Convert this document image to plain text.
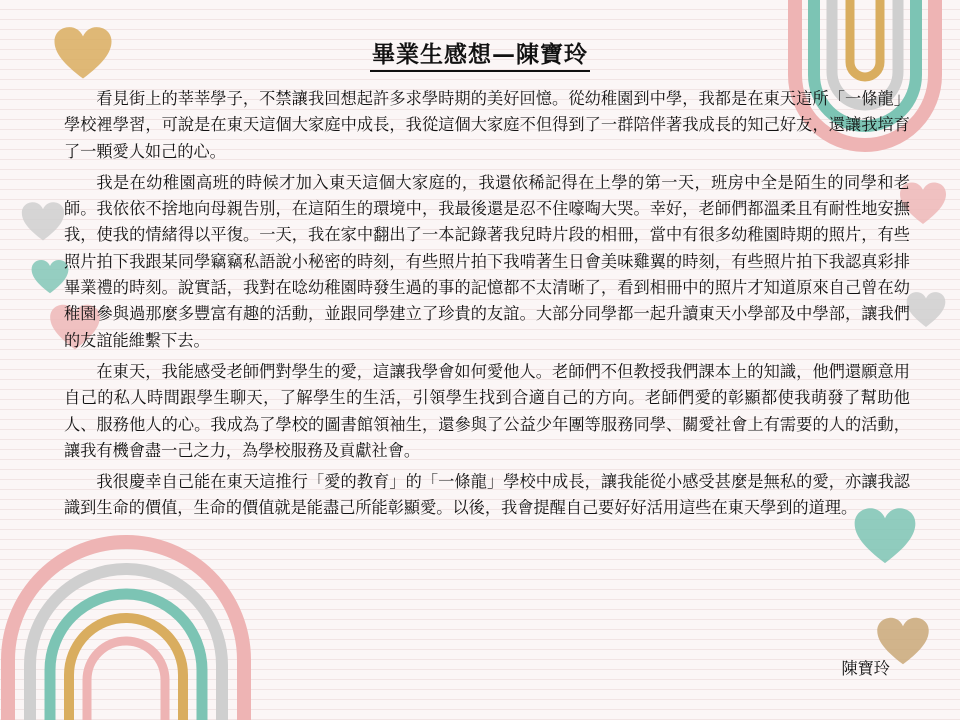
畢業生感想—陳寶玲

看見街上的莘莘學子，不禁讓我回想起許多求學時期的美好回憶。從幼稚園到中學，我都是在東天這所「一條龍」學校裡學習，可說是在東天這個大家庭中成長，我從這個大家庭不但得到了一群陪伴著我成長的知己好友，還讓我培育了一顆愛人如己的心。

我是在幼稚園高班的時候才加入東天這個大家庭的，我還依稀記得在上學的第一天，班房中全是陌生的同學和老師。我依依不捨地向母親告別，在這陌生的環境中，我最後還是忍不住嚎啕大哭。幸好，老師們都溫柔且有耐性地安撫我，使我的情緒得以平復。一天，我在家中翻出了一本記錄著我兒時片段的相冊，當中有很多幼稚園時期的照片，有些照片拍下我跟某同學竊竊私語說小秘密的時刻，有些照片拍下我啃著生日會美味雞翼的時刻，有些照片拍下我認真彩排畢業禮的時刻。說實話，我對在唸幼稚園時發生過的事的記憶都不太清晰了，看到相冊中的照片才知道原來自己曾在幼稚園參與過那麼多豐富有趣的活動，並跟同學建立了珍貴的友誼。大部分同學都一起升讀東天小學部及中學部，讓我們的友誼能維繫下去。

在東天，我能感受老師們對學生的愛，這讓我學會如何愛他人。老師們不但教授我們課本上的知識，他們還願意用自己的私人時間跟學生聊天，了解學生的生活，引領學生找到合適自己的方向。老師們愛的彰顯都使我萌發了幫助他人、服務他人的心。我成為了學校的圖書館領袖生，還參與了公益少年團等服務同學、關愛社會上有需要的人的活動，讓我有機會盡一己之力，為學校服務及貢獻社會。

我很慶幸自己能在東天這推行「愛的教育」的「一條龍」學校中成長，讓我能從小感受甚麼是無私的愛，亦讓我認識到生命的價值，生命的價值就是能盡己所能彰顯愛。以後，我會提醒自己要好好活用這些在東天學到的道理。

陳寶玲
